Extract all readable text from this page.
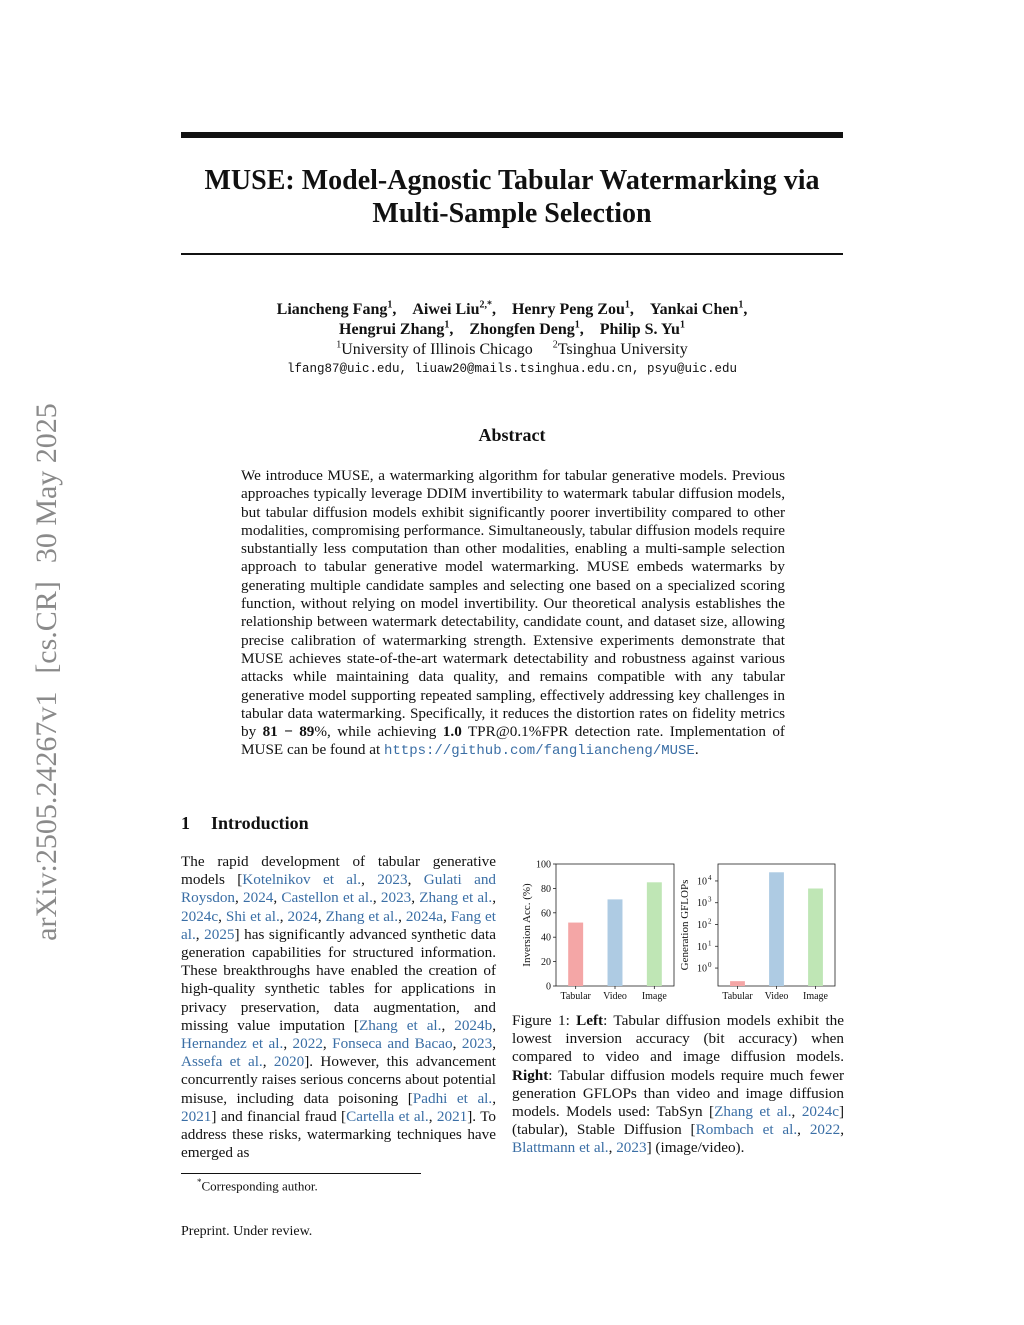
arXiv:2505.24267v1[cs.CR]30 May 2025
MUSE: Model-Agnostic Tabular Watermarking via
Multi-Sample Selection
Liancheng Fang$^1$, Aiwei Liu$^{2,*}$, Henry Peng Zou$^1$, Yankai Chen$^1$,
Hengrui Zhang$^1$, Zhongfen Deng$^1$, Philip S. Yu$^1$
$^1$University of Illinois Chicago $^2$Tsinghua University
lfang87@uic.edu, liuaw20@mails.tsinghua.edu.cn, psyu@uic.edu
Abstract
We introduce MUSE, a watermarking algorithm for tabular generative models. Previous approaches typically leverage DDIM invertibility to watermark tabular diffusion models, but tabular diffusion models exhibit significantly poorer invertibility compared to other modalities, compromising performance. Simultaneously, tabular diffusion models require substantially less computation than other modalities, enabling a multi-sample selection approach to tabular generative model watermarking. MUSE embeds watermarks by generating multiple candidate samples and selecting one based on a specialized scoring function, without relying on model invertibility. Our theoretical analysis establishes the relationship between watermark detectability, candidate count, and dataset size, allowing precise calibration of watermarking strength. Extensive experiments demonstrate that MUSE achieves state-of-the-art watermark detectability and robustness against various attacks while maintaining data quality, and remains compatible with any tabular generative model supporting repeated sampling, effectively addressing key challenges in tabular data watermarking. Specifically, it reduces the distortion rates on fidelity metrics by 81 − 89%, while achieving 1.0 TPR@0.1%FPR detection rate. Implementation of MUSE can be found at https://github.com/fangliancheng/MUSE.
1 Introduction
The rapid development of tabular generative models [Kotelnikov et al., 2023, Gulati and Roysdon, 2024, Castellon et al., 2023, Zhang et al., 2024c, Shi et al., 2024, Zhang et al., 2024a, Fang et al., 2025] has significantly advanced synthetic data generation capabilities for structured information. These breakthroughs have enabled the creation of high-quality synthetic tables for applications in privacy preservation, data augmentation, and missing value imputation [Zhang et al., 2024b, Hernandez et al., 2022, Fonseca and Bacao, 2023, Assefa et al., 2020]. However, this advancement concurrently raises serious concerns about potential misuse, including data poisoning [Padhi et al., 2021] and financial fraud [Cartella et al., 2021]. To address these risks, watermarking techniques have emerged as
0
20
40
60
80
100
Inversion Acc. (%)
Tabular Video Image
10 0
10 1
10 2
10 3
10 4
Generation GFLOPs
Tabular Video Image
Figure 1: Left: Tabular diffusion models exhibit the lowest inversion accuracy (bit accuracy) when compared to video and image diffusion models. Right: Tabular diffusion models require much fewer generation GFLOPs than video and image diffusion models. Models used: TabSyn [Zhang et al., 2024c] (tabular), Stable Diffusion [Rombach et al., 2022, Blattmann et al., 2023] (image/video).
*Corresponding author.
Preprint. Under review.
